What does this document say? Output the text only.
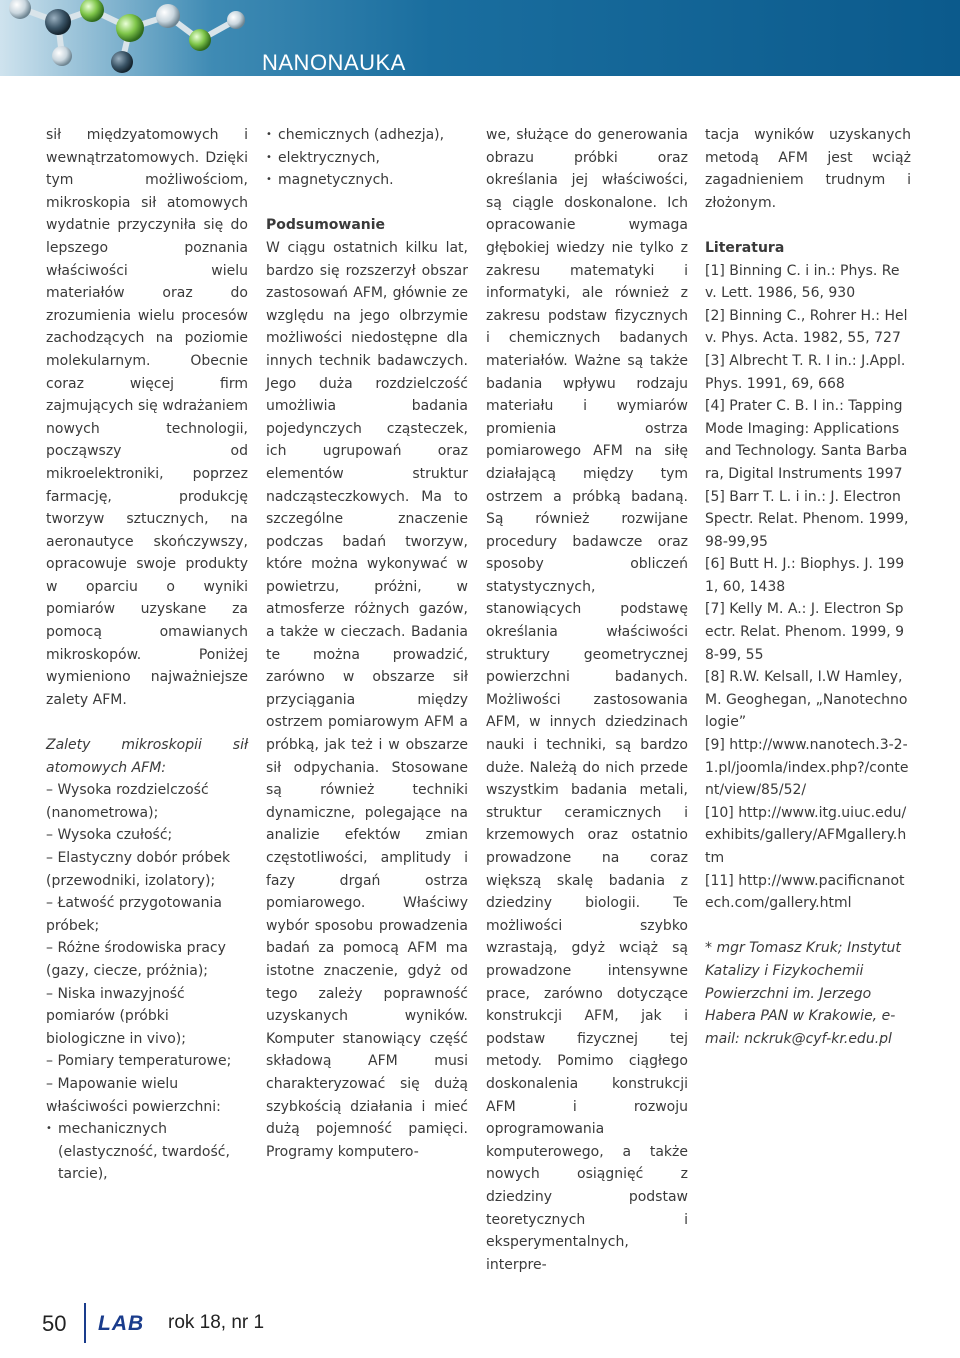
NANONAUKA

sił międzyatomowych i wewnątrzatomowych. Dzięki tym możliwościom, mikroskopia sił atomowych wydatnie przyczyniła się do lepszego poznania właściwości wielu materiałów oraz do zrozumienia wielu procesów zachodzących na poziomie molekularnym. Obecnie coraz więcej firm zajmujących się wdrażaniem nowych technologii, począwszy od mikroelektroniki, poprzez farmację, produkcję tworzyw sztucznych, na aeronautyce skończywszy, opracowuje swoje produkty w oparciu o wyniki pomiarów uzyskane za pomocą omawianych mikroskopów. Poniżej wymieniono najważniejsze zalety AFM.

Zalety mikroskopii sił atomowych AFM:

– Wysoka rozdzielczość (nanometrowa);
– Wysoka czułość;
– Elastyczny dobór próbek (przewodniki, izolatory);
– Łatwość przygotowania próbek;
– Różne środowiska pracy (gazy, ciecze, próżnia);
– Niska inwazyjność pomiarów (próbki biologiczne in vivo);
– Pomiary temperaturowe;
– Mapowanie wielu właściwości powierzchni:
• mechanicznych (elastyczność, twardość, tarcie),
• chemicznych (adhezja),
• elektrycznych,
• magnetycznych.
Podsumowanie

W ciągu ostatnich kilku lat, bardzo się rozszerzył obszar zastosowań AFM, głównie ze względu na jego olbrzymie możliwości niedostępne dla innych technik badawczych. Jego duża rozdzielczość umożliwia badania pojedynczych cząsteczek, ich ugrupowań oraz elementów struktur nadcząsteczkowych. Ma to szczególne znaczenie podczas badań tworzyw, które można wykonywać w powietrzu, próżni, w atmosferze różnych gazów, a także w cieczach. Badania te można prowadzić, zarówno w obszarze sił przyciągania między ostrzem pomiarowym AFM a próbką, jak też i w obszarze sił odpychania. Stosowane są również techniki dynamiczne, polegające na analizie efektów zmian częstotliwości, amplitudy i fazy drgań ostrza pomiarowego. Właściwy wybór sposobu prowadzenia badań za pomocą AFM ma istotne znaczenie, gdyż od tego zależy poprawność uzyskanych wyników. Komputer stanowiący część składową AFM musi charakteryzować się dużą szybkością działania i mieć dużą pojemność pamięci. Programy komputero-

we, służące do generowania obrazu próbki oraz określania jej właściwości, są ciągle doskonalone. Ich opracowanie wymaga głębokiej wiedzy nie tylko z zakresu matematyki i informatyki, ale również z zakresu podstaw fizycznych i chemicznych badanych materiałów. Ważne są także badania wpływu rodzaju materiału i wymiarów promienia ostrza pomiarowego AFM na siłę działającą między tym ostrzem a próbką badaną. Są również rozwijane procedury badawcze oraz sposoby obliczeń statystycznych, stanowiących podstawę określania właściwości struktury geometrycznej powierzchni badanych. Możliwości zastosowania AFM, w innych dziedzinach nauki i techniki, są bardzo duże. Należą do nich przede wszystkim badania metali, struktur ceramicznych i krzemowych oraz ostatnio prowadzone na coraz większą skalę badania z dziedziny biologii. Te możliwości szybko wzrastają, gdyż wciąż są prowadzone intensywne prace, zarówno dotyczące konstrukcji AFM, jak i podstaw fizycznej tej metody. Pomimo ciągłego doskonalenia konstrukcji AFM i rozwoju oprogramowania komputerowego, a także nowych osiągnięć z dziedziny podstaw teoretycznych i eksperymentalnych, interpre-

tacja wyników uzyskanych metodą AFM jest wciąż zagadnieniem trudnym i złożonym.

Literatura
[1] Binning C. i in.: Phys. Rev. Lett. 1986, 56, 930
[2] Binning C., Rohrer H.: Helv. Phys. Acta. 1982, 55, 727
[3] Albrecht T. R. I in.: J.Appl. Phys. 1991, 69, 668
[4] Prater C. B. I in.: Tapping Mode Imaging: Applications and Technology. Santa Barbara, Digital Instruments 1997
[5] Barr T. L. i in.: J. Electron Spectr. Relat. Phenom. 1999, 98-99,95
[6] Butt H. J.: Biophys. J. 1991, 60, 1438
[7] Kelly M. A.: J. Electron Spectr. Relat. Phenom. 1999, 98-99, 55
[8] R.W. Kelsall, I.W Hamley, M. Geoghegan, „Nanotechnologie”
[9] http://www.nanotech.3-2-1.pl/joomla/index.php?/content/view/85/52/
[10] http://www.itg.uiuc.edu/exhibits/gallery/AFMgallery.htm
[11] http://www.pacificnanotech.com/gallery.html

* mgr Tomasz Kruk; Instytut Katalizy i Fizykochemii Powierzchni im. Jerzego Habera PAN w Krakowie, e-mail: nckruk@cyf-kr.edu.pl

50 LAB rok 18, nr 1
